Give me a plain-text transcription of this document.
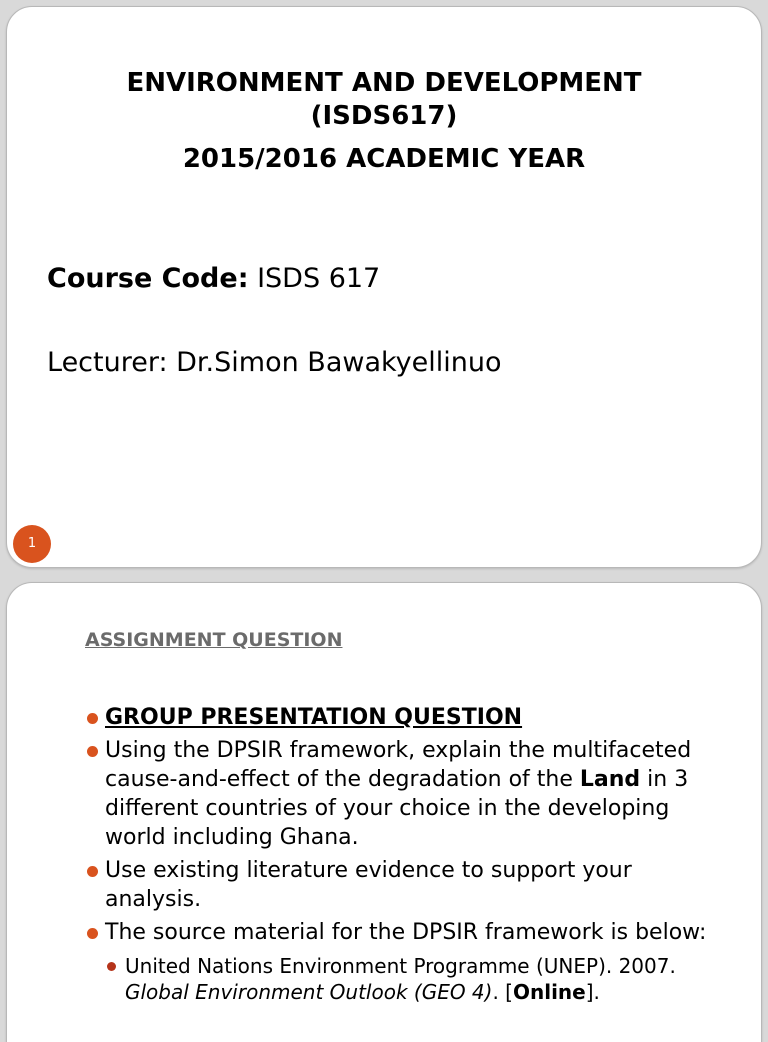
ENVIRONMENT AND DEVELOPMENT
(ISDS617)
2015/2016 ACADEMIC YEAR
Course Code: ISDS 617
Lecturer: Dr.Simon Bawakyellinuo
1
ASSIGNMENT QUESTION
GROUP PRESENTATION QUESTION
Using the DPSIR framework, explain the multifaceted cause-and-effect of the degradation of the Land in 3 different countries of your choice in the developing world including Ghana.
Use existing literature evidence to support your analysis.
The source material for the DPSIR framework is below:
United Nations Environment Programme (UNEP). 2007. Global Environment Outlook (GEO 4). [Online].
